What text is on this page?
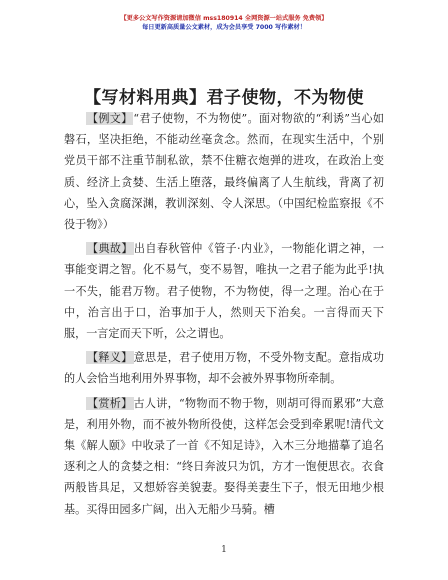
【更多公文写作资源请加微信 mss180914 全网资源一站式服务 免费领】
每日更新高质量公文素材，成为会员享受 7000 写作素材！
【写材料用典】君子使物，不为物使

【例文】“君子使物，不为物使”。面对物欲的“利诱”当心如磐石，坚决拒绝，不能动丝毫贪念。然而，在现实生活中，个别党员干部不注重节制私欲，禁不住糖衣炮弹的进攻，在政治上变质、经济上贪婪、生活上堕落，最终偏离了人生航线，背离了初心，坠入贪腐深渊，教训深刻、令人深思。（中国纪检监察报《不役于物》）

【典故】出自春秋管仲《管子·内业》，一物能化谓之神，一事能变谓之智。化不易气，变不易智，唯执一之君子能为此乎!执一不失，能君万物。君子使物，不为物使，得一之理。治心在于中，治言出于口，治事加于人，然则天下治矣。一言得而天下服，一言定而天下听，公之谓也。

【释义】意思是，君子使用万物，不受外物支配。意指成功的人会恰当地利用外界事物，却不会被外界事物所牵制。

【赏析】古人讲，“物物而不物于物，则胡可得而累邪”大意是，利用外物，而不被外物所役使，这样怎会受到牵累呢!清代文集《解人颐》中收录了一首《不知足诗》，入木三分地描摹了追名逐利之人的贪婪之相：“终日奔波只为饥，方才一饱便思衣。衣食两般皆具足，又想娇容美貌妻。娶得美妻生下子，恨无田地少根基。买得田园多广阔，出入无船少马骑。槽

1
